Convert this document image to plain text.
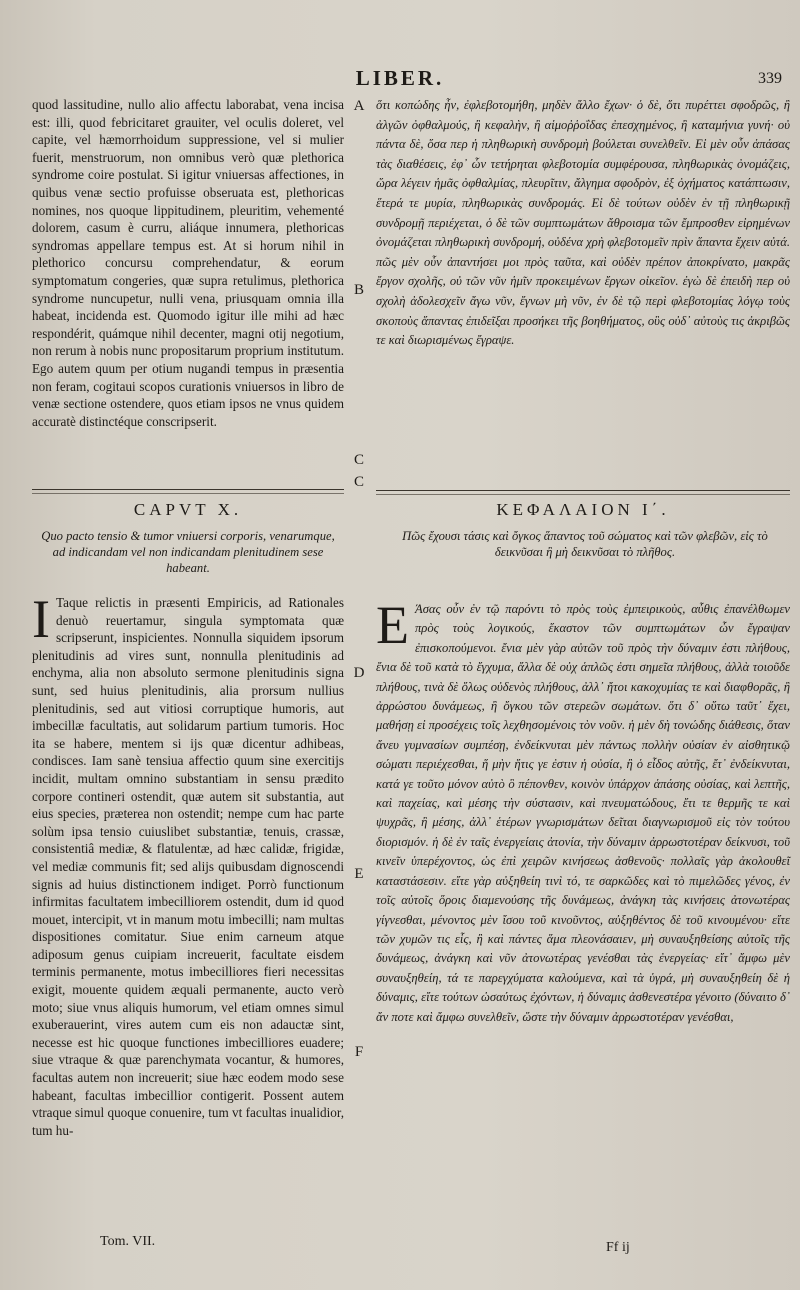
LIBER.	339

quod lassitudine, nullo alio affectu laborabat, vena incisa est: illi, quod febricitaret grauiter, vel oculis doleret, vel capite, vel hæmorrhoidum suppressione, vel si mulier fuerit, menstruorum, non omnibus verò quæ plethorica syndrome coire postulat. Si igitur vniuersas affectiones, in quibus venæ sectio profuisse obseruata est, plethoricas nomines, nos quoque lippitudinem, pleuritim, vehementé dolorem, casum è curru, aliáque innumera, plethoricas syndromas appellare tempus est. At si horum nihil in plethorico concursu comprehendatur, & eorum symptomatum congeries, quæ supra retulimus, plethorica syndrome nuncupetur, nulli vena, priusquam omnia illa habeat, incidenda est. Quomodo igitur ille mihi ad hæc respondérit, quámque nihil decenter, magni otij negotium, non rerum à nobis nunc propositarum proprium institutum. Ego autem quum per otium nugandi tempus in præsentia non feram, cogitaui scopos curationis vniuersos in libro de venæ sectione ostendere, quos etiam ipsos ne vnus quidem accuratè distinctéque conscripserit.

ὅτι κοπώδης ἦν, ἐφλεβοτομήθη, μηδὲν ἄλλο ἔχων· ὁ δὲ, ὅτι πυρέττει σφοδρῶς, ἢ ἀλγῶν ὀφθαλμούς, ἢ κεφαλὴν, ἢ αἱμοῤῥοΐδας ἐπεσχημένος, ἢ καταμήνια γυνή· οὐ πάντα δὲ, ὅσα περ ἡ πληθωρικὴ συνδρομὴ βούλεται συνελθεῖν. Εἰ μὲν οὖν ἁπάσας τὰς διαθέσεις, ἐφ᾽ ὧν τετήρηται φλεβοτομία συμφέρουσα, πληθωρικὰς ὀνομάζεις, ὥρα λέγειν ἡμᾶς ὀφθαλμίας, πλευρῖτιν, ἄλγημα σφοδρὸν, ἐξ ὀχήματος κατάπτωσιν, ἕτερά τε μυρία, πληθωρικὰς συνδρομάς. Εἰ δὲ τούτων οὐδὲν ἐν τῇ πληθωρικῇ συνδρομῇ περιέχεται, ὁ δὲ τῶν συμπτωμάτων ἄθροισμα τῶν ἔμπροσθεν εἰρημένων ὀνομάζεται πληθωρικὴ συνδρομή, οὐδένα χρὴ φλεβοτομεῖν πρὶν ἅπαντα ἔχειν αὐτά. πῶς μὲν οὖν ἀπαντήσει μοι πρὸς ταῦτα, καὶ οὐδὲν πρέπον ἀποκρίνατο, μακρᾶς ἔργον σχολῆς, οὐ τῶν νῦν ἡμῖν προκειμένων ἔργων οἰκεῖον. ἐγὼ δὲ ἐπειδὴ περ οὐ σχολὴ ἀδολεσχεῖν ἄγω νῦν, ἔγνων μὴ νῦν, ἐν δὲ τῷ περὶ φλεβοτομίας λόγῳ τοὺς σκοποὺς ἅπαντας ἐπιδεῖξαι προσήκει τῆς βοηθήματος, οὓς οὐδ᾽ αὐτοὺς τις ἀκριβῶς τε καὶ διωρισμένως ἔγραψε.

CAPVT X.
Quo pacto tensio & tumor vniuersi corporis, venarumque, ad indicandam vel non indicandam plenitudinem sese habeant.
ΚΕΦΑΛΑΙΟΝ Ι΄.
Πῶς ἔχουσι τάσις καὶ ὄγκος ἅπαντος τοῦ σώματος καὶ τῶν φλεβῶν, εἰς τὸ δεικνῦσαι ἢ μὴ δεικνῦσαι τὸ πλῆθος.

I Taque relictis in præsenti Empiricis, ad Rationales denuò reuertamur, singula symptomata quæ scripserunt, inspicientes. Nonnulla siquidem ipsorum plenitudinis ad vires sunt, nonnulla plenitudinis ad enchyma, alia non absoluto sermone plenitudinis signa sunt, sed huius plenitudinis, alia prorsum nullius plenitudinis, sed aut vitiosi corruptique humoris, aut imbecillæ facultatis, aut solidarum partium tumoris. Hoc ita se habere, mentem si ijs quæ dicentur adhibeas, condisces. Iam sanè tensiua affectio quum sine exercitijs incidit, multam omnino substantiam in sensu prædito corpore contineri ostendit, quæ autem sit substantia, aut eius species, præterea non ostendit; nempe cum hac parte solùm ipsa tensio cuiuslibet substantiæ, tenuis, crassæ, consistentiâ mediæ, & flatulentæ, ad hæc calidæ, frigidæ, vel mediæ communis fit; sed alijs quibusdam dignoscendi signis ad huius distinctionem indiget. Porrò functionum infirmitas facultatem imbecilliorem ostendit, dum id quod mouet, intercipit, vt in manum motu imbecilli; nam multas dispositiones comitatur. Siue enim carneum atque adiposum genus cuipiam increuerit, facultate eisdem terminis permanente, motus imbecilliores fieri necessitas exigit, mouente quidem æquali permanente, aucto verò moto; siue vnus aliquis humorum, vel etiam omnes simul exuberauerint, vires autem cum eis non adauctæ sint, necesse est hic quoque functiones imbecilliores euadere; siue vtraque & quæ parenchymata vocantur, & humores, facultas autem non increuerit; siue hæc eodem modo sese habeant, facultas imbecillior contigerit. Possent autem vtraque simul quoque conuenire, tum vt facultas inualidior, tum hu-

Ε Άσας οὖν ἐν τῷ παρόντι τὸ πρὸς τοὺς ἐμπειρικοὺς, αὖθις ἐπανέλθωμεν πρὸς τοὺς λογικούς, ἕκαστον τῶν συμπτωμάτων ὧν ἔγραψαν ἐπισκοπούμενοι. ἔνια μὲν γὰρ αὐτῶν τοῦ πρὸς τὴν δύναμιν ἐστι πλήθους, ἔνια δὲ τοῦ κατὰ τὸ ἔγχυμα, ἄλλα δὲ οὐχ ἁπλῶς ἐστι σημεῖα πλήθους, ἀλλὰ τοιοῦδε πλήθους, τινὰ δὲ ὅλως οὐδενὸς πλήθους, ἀλλ᾽ ἤτοι κακοχυμίας τε καὶ διαφθορᾶς, ἢ ἀρρώστου δυνάμεως, ἢ ὄγκου τῶν στερεῶν σωμάτων. ὅτι δ᾽ οὕτω ταῦτ᾽ ἔχει, μαθήσῃ εἰ προσέχεις τοῖς λεχθησομένοις τὸν νοῦν. ἡ μὲν δὴ τονώδης διάθεσις, ὅταν ἄνευ γυμνασίων συμπέσῃ, ἐνδείκνυται μὲν πάντως πολλὴν οὐσίαν ἐν αἰσθητικῷ σώματι περιέχεσθαι, ἥ μὴν ἥτις γε ἐστιν ἡ οὐσία, ἢ ὁ εἶδος αὐτῆς, ἔτ᾽ ἐνδείκνυται, κατά γε τοῦτο μόνον αὐτὸ ὃ πέπονθεν, κοινὸν ὑπάρχον ἁπάσης οὐσίας, καὶ λεπτῆς, καὶ παχείας, καὶ μέσης τὴν σύστασιν, καὶ πνευματώδους, ἔτι τε θερμῆς τε καὶ ψυχρᾶς, ἢ μέσης, ἀλλ᾽ ἑτέρων γνωρισμάτων δεῖται διαγνωρισμοῦ εἰς τὸν τούτου διορισμόν. ἡ δὲ ἐν ταῖς ἐνεργείαις ἀτονία, τὴν δύναμιν ἀρρωστοτέραν δείκνυσι, τοῦ κινεῖν ὑπερέχοντος, ὡς ἐπὶ χειρῶν κινήσεως ἀσθενοῦς· πολλαῖς γὰρ ἀκολουθεῖ καταστάσεσιν. εἴτε γὰρ αὐξηθείη τινὶ τό, τε σαρκῶδες καὶ τὸ πιμελῶδες γένος, ἐν τοῖς αὐτοῖς ὅροις διαμενούσης τῆς δυνάμεως, ἀνάγκη τὰς κινήσεις ἀτονωτέρας γίγνεσθαι, μένοντος μὲν ἴσου τοῦ κινοῦντος, αὐξηθέντος δὲ τοῦ κινουμένου· εἴτε τῶν χυμῶν τις εἷς, ἢ καὶ πάντες ἅμα πλεονάσαιεν, μὴ συναυξηθείσης αὐτοῖς τῆς δυνάμεως, ἀνάγκη καὶ νῦν ἀτονωτέρας γενέσθαι τὰς ἐνεργείας· εἴτ᾽ ἄμφω μὲν συναυξηθείη, τά τε παρεγχύματα καλούμενα, καὶ τὰ ὑγρά, μὴ συναυξηθείη δὲ ἡ δύναμις, εἴτε τούτων ὡσαύτως ἐχόντων, ἡ δύναμις ἀσθενεστέρα γένοιτο (δύναιτο δ᾽ ἄν ποτε καὶ ἄμφω συνελθεῖν, ὥστε τὴν δύναμιν ἀρρωστοτέραν γενέσθαι,

A
B
C
C
D
E
F
Tom. VII.	Ff ij
